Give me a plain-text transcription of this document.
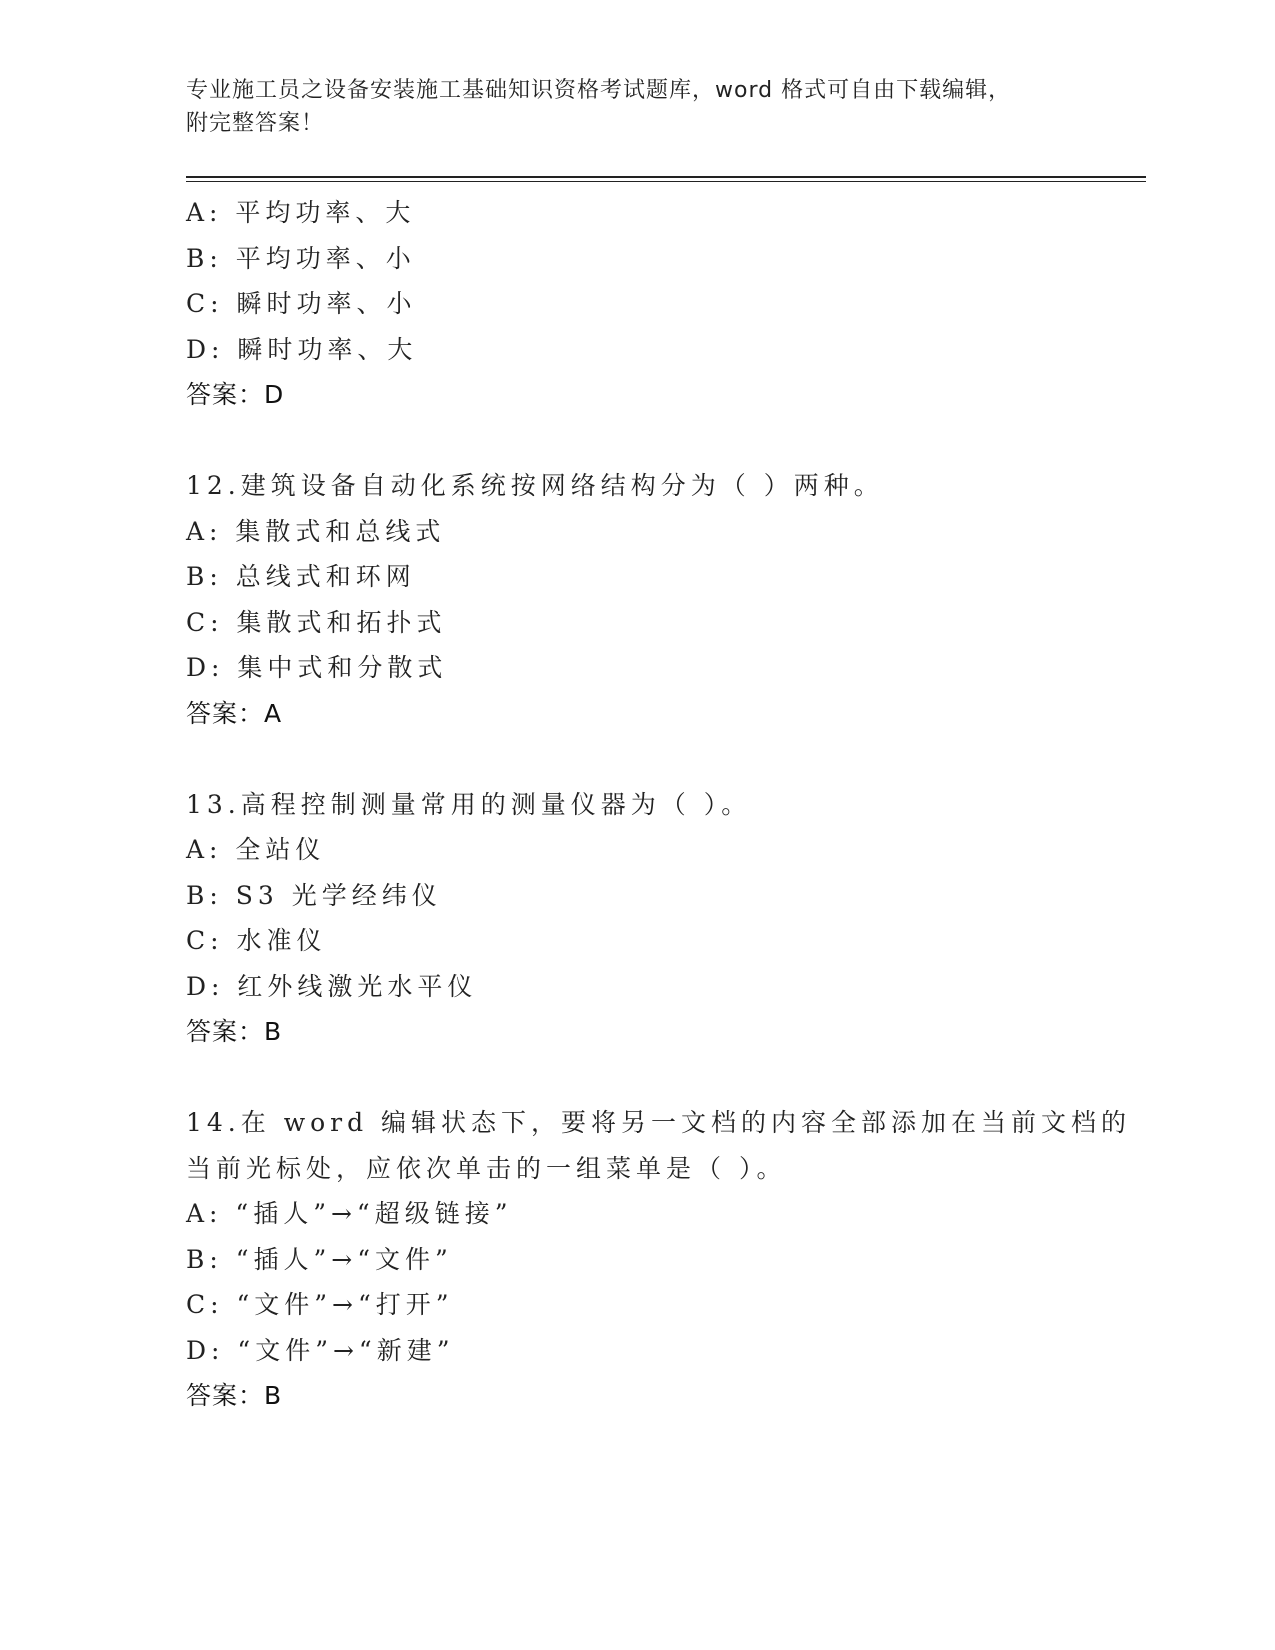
专业施工员之设备安装施工基础知识资格考试题库，word 格式可自由下载编辑，
附完整答案！
A: 平均功率、大
B: 平均功率、小
C: 瞬时功率、小
D: 瞬时功率、大
答案：D
12.建筑设备自动化系统按网络结构分为（ ）两种。
A: 集散式和总线式
B: 总线式和环网
C: 集散式和拓扑式
D: 集中式和分散式
答案：A
13.高程控制测量常用的测量仪器为（ ）。
A: 全站仪
B: S3 光学经纬仪
C: 水准仪
D: 红外线激光水平仪
答案：B
14.在 word 编辑状态下，要将另一文档的内容全部添加在当前文档的
当前光标处，应依次单击的一组菜单是（ ）。
A: “插人”→“超级链接”
B: “插人”→“文件”
C: “文件”→“打开”
D: “文件”→“新建”
答案：B
